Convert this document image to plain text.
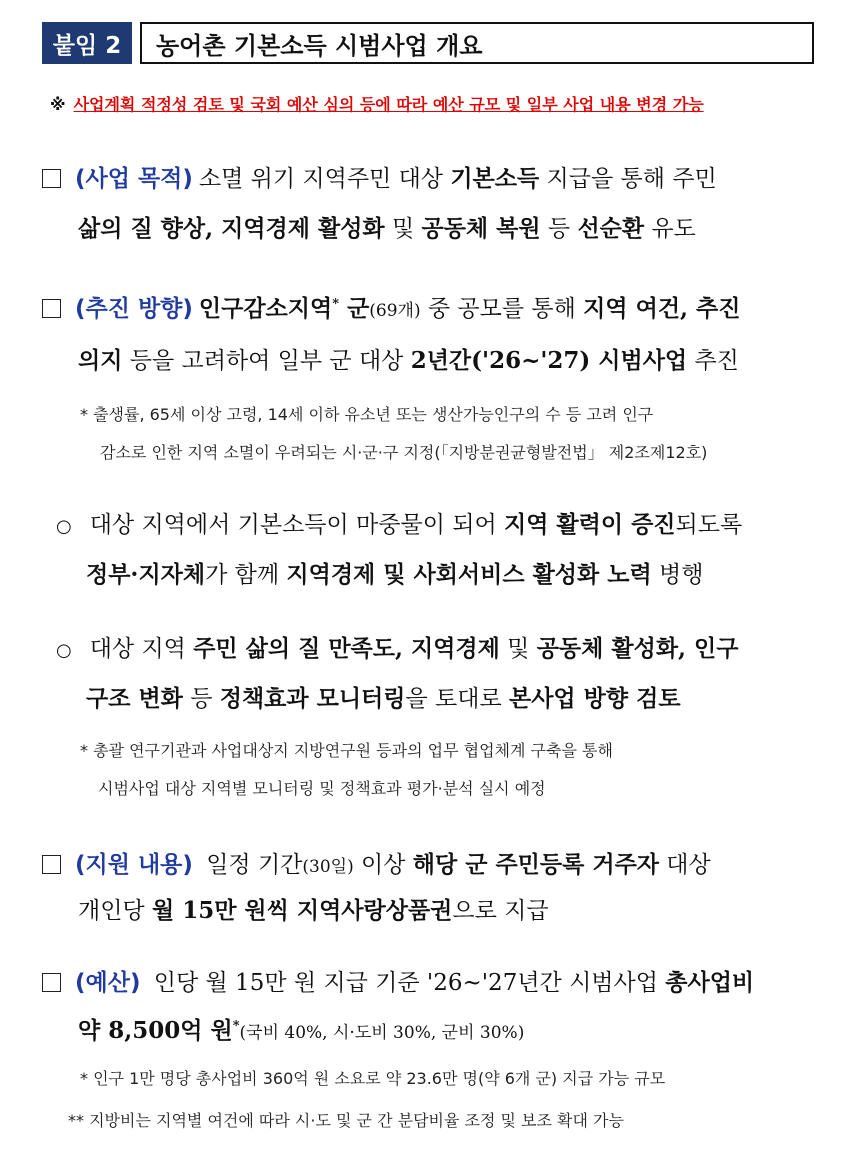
붙임 2	농어촌 기본소득 시범사업 개요
※ 사업계획 적정성 검토 및 국회 예산 심의 등에 따라 예산 규모 및 일부 사업 내용 변경 가능
(사업 목적) 소멸 위기 지역주민 대상 기본소득 지급을 통해 주민
삶의 질 향상, 지역경제 활성화 및 공동체 복원 등 선순환 유도
(추진 방향) 인구감소지역* 군(69개) 중 공모를 통해 지역 여건, 추진
의지 등을 고려하여 일부 군 대상 2년간('26~'27) 시범사업 추진
* 출생률, 65세 이상 고령, 14세 이하 유소년 또는 생산가능인구의 수 등 고려 인구
감소로 인한 지역 소멸이 우려되는 시·군·구 지정(「지방분권균형발전법」 제2조제12호)
○ 대상 지역에서 기본소득이 마중물이 되어 지역 활력이 증진되도록
정부·지자체가 함께 지역경제 및 사회서비스 활성화 노력 병행
○ 대상 지역 주민 삶의 질 만족도, 지역경제 및 공동체 활성화, 인구
구조 변화 등 정책효과 모니터링을 토대로 본사업 방향 검토
* 총괄 연구기관과 사업대상지 지방연구원 등과의 업무 협업체계 구축을 통해
시범사업 대상 지역별 모니터링 및 정책효과 평가·분석 실시 예정
(지원 내용) 일정 기간(30일) 이상 해당 군 주민등록 거주자 대상
개인당 월 15만 원씩 지역사랑상품권으로 지급
(예산) 인당 월 15만 원 지급 기준 '26~'27년간 시범사업 총사업비
약 8,500억 원*(국비 40%, 시·도비 30%, 군비 30%)
* 인구 1만 명당 총사업비 360억 원 소요로 약 23.6만 명(약 6개 군) 지급 가능 규모
** 지방비는 지역별 여건에 따라 시·도 및 군 간 분담비율 조정 및 보조 확대 가능
